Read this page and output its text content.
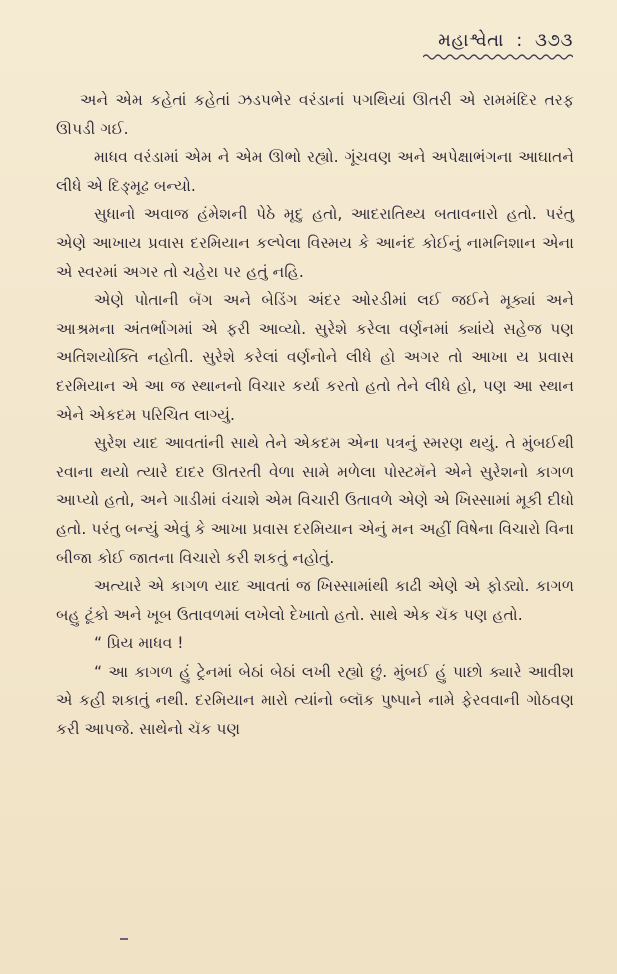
મહાશ્વેતા : ૩૭૩

અને એમ કહેતાં કહેતાં ઝડપભેર વરંડાનાં પગથિયાં ઊતરી એ રામમંદિર તરફ ઊપડી ગઈ.

માધવ વરંડામાં એમ ને એમ ઊભો રહ્યો. ગૂંચવણ અને અપેક્ષાભંગના આઘાતને લીધે એ દિઙ્મૂઢ બન્યો.

સુધાનો અવાજ હંમેશની પેઠે મૃદુ હતો, આદરાતિથ્ય બતાવનારો હતો. પરંતુ એણે આખાય પ્રવાસ દરમિયાન કલ્પેલા વિસ્મય કે આનંદ કોઈનું નામનિશાન એના એ સ્વરમાં અગર તો ચહેરા પર હતું નહિ.

એણે પોતાની બૅગ અને બેડિંગ અંદર ઓરડીમાં લઈ જઈને મૂક્યાં અને આશ્રમના અંતર્ભાગમાં એ ફરી આવ્યો. સુરેશે કરેલા વર્ણનમાં ક્યાંયે સહેજ પણ અતિશયોક્તિ નહોતી. સુરેશે કરેલાં વર્ણનોને લીધે હો અગર તો આખા ય પ્રવાસ દરમિયાન એ આ જ સ્થાનનો વિચાર કર્યા કરતો હતો તેને લીધે હો, પણ આ સ્થાન એને એકદમ પરિચિત લાગ્યું.

સુરેશ યાદ આવતાંની સાથે તેને એકદમ એના પત્રનું સ્મરણ થયું. તે મુંબઈથી રવાના થયો ત્યારે દાદર ઊતરતી વેળા સામે મળેલા પોસ્ટમૅને એને સુરેશનો કાગળ આપ્યો હતો, અને ગાડીમાં વંચાશે એમ વિચારી ઉતાવળે એણે એ ખિસ્સામાં મૂકી દીધો હતો. પરંતુ બન્યું એવું કે આખા પ્રવાસ દરમિયાન એનું મન અહીં વિષેના વિચારો વિના બીજા કોઈ જાતના વિચારો કરી શકતું નહોતું.

અત્યારે એ કાગળ યાદ આવતાં જ ખિસ્સામાંથી કાઢી એણે એ ફોડ્યો. કાગળ બહુ ટૂંકો અને ખૂબ ઉતાવળમાં લખેલો દેખાતો હતો. સાથે એક ચૅક પણ હતો.

“ પ્રિય માધવ !

“ આ કાગળ હું ટ્રેનમાં બેઠાં બેઠાં લખી રહ્યો છું. મુંબઈ હું પાછો ક્યારે આવીશ એ કહી શકાતું નથી. દરમિયાન મારો ત્યાંનો બ્લૉક પુષ્પાને નામે ફેરવવાની ગોઠવણ કરી આપજે. સાથેનો ચૅક પણ
